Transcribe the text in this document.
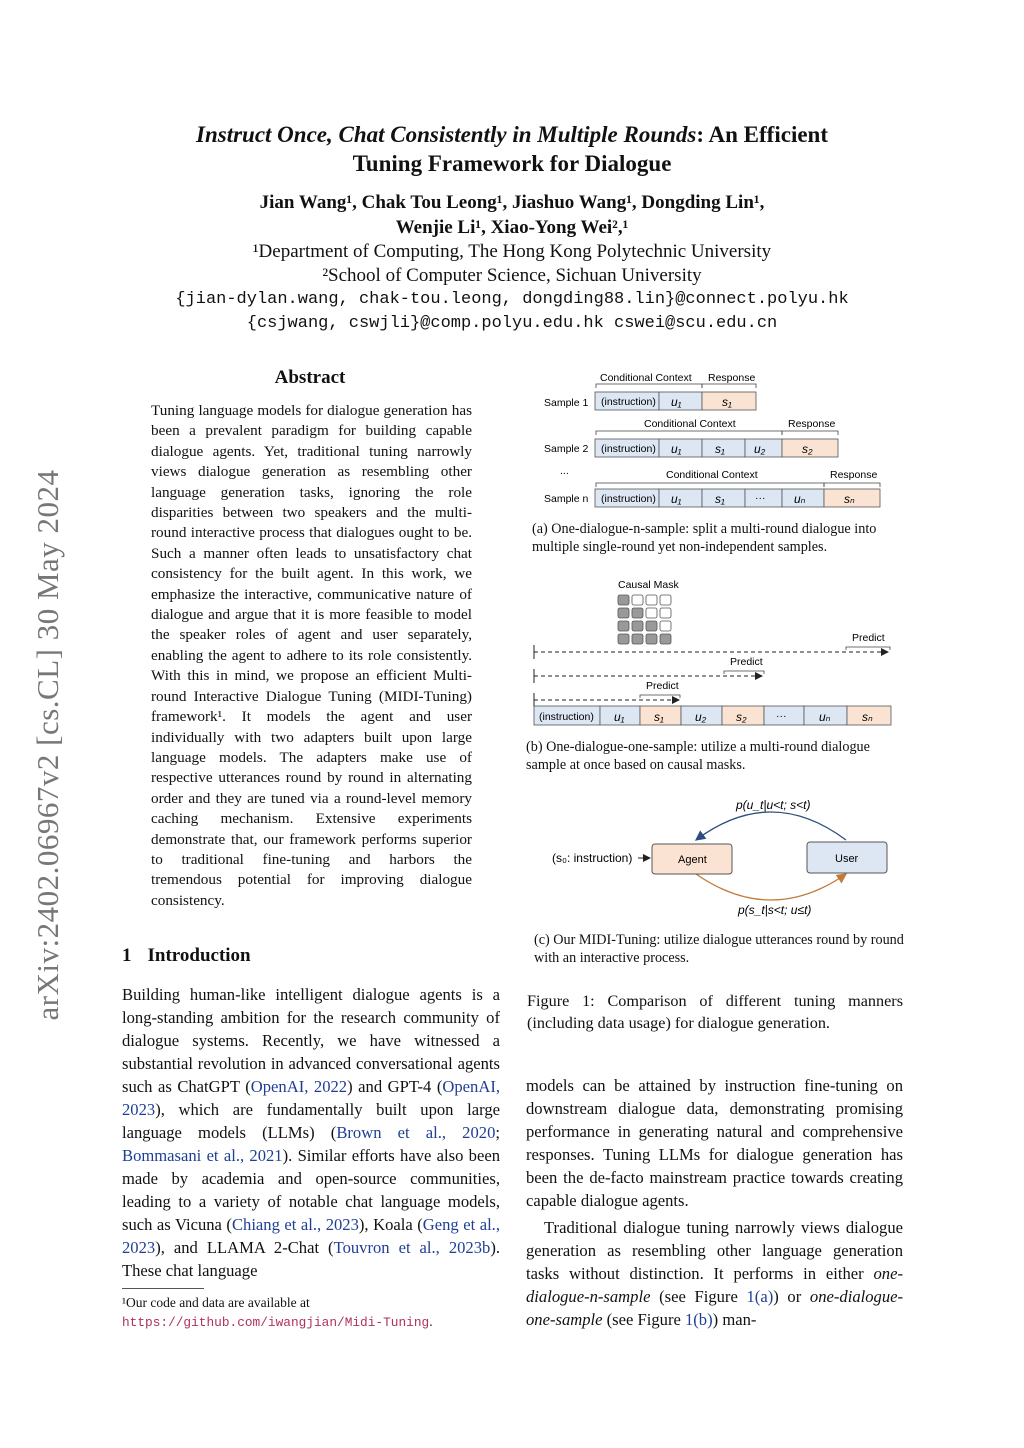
arXiv:2402.06967v2 [cs.CL] 30 May 2024
Instruct Once, Chat Consistently in Multiple Rounds: An Efficient
Tuning Framework for Dialogue
Jian Wang¹, Chak Tou Leong¹, Jiashuo Wang¹, Dongding Lin¹,
Wenjie Li¹, Xiao-Yong Wei²,¹
¹Department of Computing, The Hong Kong Polytechnic University
²School of Computer Science, Sichuan University
{jian-dylan.wang, chak-tou.leong, dongding88.lin}@connect.polyu.hk
{csjwang, cswjli}@comp.polyu.edu.hk cswei@scu.edu.cn
Abstract
Tuning language models for dialogue generation has been a prevalent paradigm for building capable dialogue agents. Yet, traditional tuning narrowly views dialogue generation as resembling other language generation tasks, ignoring the role disparities between two speakers and the multi-round interactive process that dialogues ought to be. Such a manner often leads to unsatisfactory chat consistency for the built agent. In this work, we emphasize the interactive, communicative nature of dialogue and argue that it is more feasible to model the speaker roles of agent and user separately, enabling the agent to adhere to its role consistently. With this in mind, we propose an efficient Multi-round Interactive Dialogue Tuning (MIDI-Tuning) framework¹. It models the agent and user individually with two adapters built upon large language models. The adapters make use of respective utterances round by round in alternating order and they are tuned via a round-level memory caching mechanism. Extensive experiments demonstrate that, our framework performs superior to traditional fine-tuning and harbors the tremendous potential for improving dialogue consistency.
1 Introduction
Building human-like intelligent dialogue agents is a long-standing ambition for the research community of dialogue systems. Recently, we have witnessed a substantial revolution in advanced conversational agents such as ChatGPT (OpenAI, 2022) and GPT-4 (OpenAI, 2023), which are fundamentally built upon large language models (LLMs) (Brown et al., 2020; Bommasani et al., 2021). Similar efforts have also been made by academia and open-source communities, leading to a variety of notable chat language models, such as Vicuna (Chiang et al., 2023), Koala (Geng et al., 2023), and LLAMA 2-Chat (Touvron et al., 2023b). These chat language
¹Our code and data are available at https://github.com/iwangjian/Midi-Tuning.
Figure 1: Comparison of different tuning manners (including data usage) for dialogue generation.
models can be attained by instruction fine-tuning on downstream dialogue data, demonstrating promising performance in generating natural and comprehensive responses. Tuning LLMs for dialogue generation has been the de-facto mainstream practice towards creating capable dialogue agents.
Traditional dialogue tuning narrowly views dialogue generation as resembling other language generation tasks without distinction. It performs in either one-dialogue-n-sample (see Figure 1(a)) or one-dialogue-one-sample (see Figure 1(b)) man-
Conditional Context Response
Sample 1 (instruction) u₁	s₁
Conditional Context	Response
Sample 2 (instruction) u₁	s₁ u₂	s₂
...	Conditional Context	Response
Sample n (instruction) u₁	s₁	··· uₙ	sₙ
(a) One-dialogue-n-sample: split a multi-round dialogue into multiple single-round yet non-independent samples.
Causal Mask
Predict
Predict
Predict
(instruction) u₁ s₁	u₂ s₂	···	uₙ	sₙ
(b) One-dialogue-one-sample: utilize a multi-round dialogue sample at once based on causal masks.
p(u_t|u<t; s<t)
(s₀: instruction)	Agent	User
p(s_t|s<t; u≤t)
(c) Our MIDI-Tuning: utilize dialogue utterances round by round with an interactive process.
